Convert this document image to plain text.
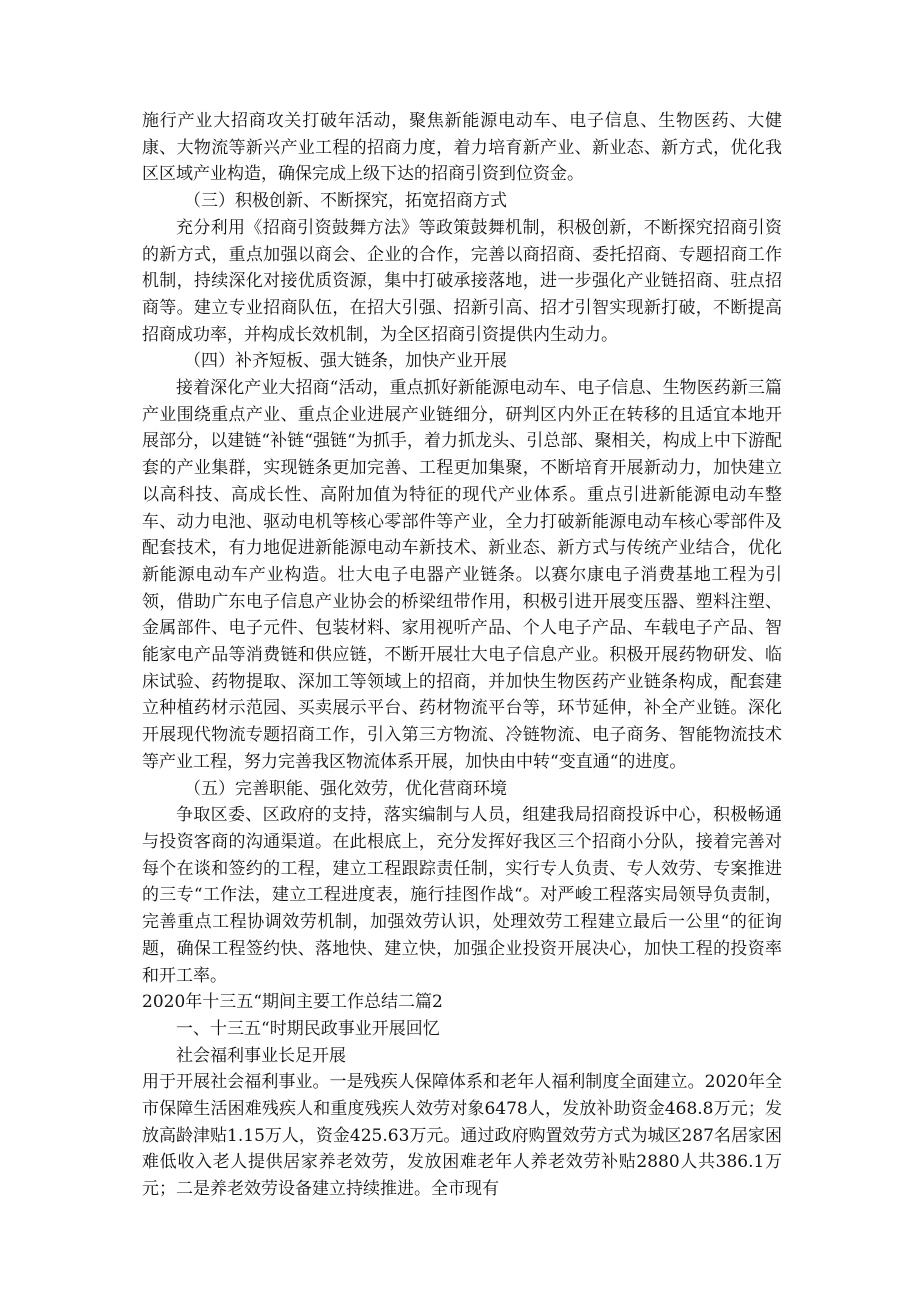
施行产业大招商攻关打破年活动，聚焦新能源电动车、电子信息、生物医药、大健康、大物流等新兴产业工程的招商力度，着力培育新产业、新业态、新方式，优化我区区域产业构造，确保完成上级下达的招商引资到位资金。

（三）积极创新、不断探究，拓宽招商方式

充分利用《招商引资鼓舞方法》等政策鼓舞机制，积极创新，不断探究招商引资的新方式，重点加强以商会、企业的合作，完善以商招商、委托招商、专题招商工作机制，持续深化对接优质资源，集中打破承接落地，进一步强化产业链招商、驻点招商等。建立专业招商队伍，在招大引强、招新引高、招才引智实现新打破，不断提高招商成功率，并构成长效机制，为全区招商引资提供内生动力。

（四）补齐短板、强大链条，加快产业开展

接着深化产业大招商“活动，重点抓好新能源电动车、电子信息、生物医药新三篇产业围绕重点产业、重点企业进展产业链细分，研判区内外正在转移的且适宜本地开展部分，以建链“补链“强链“为抓手，着力抓龙头、引总部、聚相关，构成上中下游配套的产业集群，实现链条更加完善、工程更加集聚，不断培育开展新动力，加快建立以高科技、高成长性、高附加值为特征的现代产业体系。重点引进新能源电动车整车、动力电池、驱动电机等核心零部件等产业，全力打破新能源电动车核心零部件及配套技术，有力地促进新能源电动车新技术、新业态、新方式与传统产业结合，优化新能源电动车产业构造。壮大电子电器产业链条。以赛尔康电子消费基地工程为引领，借助广东电子信息产业协会的桥梁纽带作用，积极引进开展变压器、塑料注塑、金属部件、电子元件、包装材料、家用视听产品、个人电子产品、车载电子产品、智能家电产品等消费链和供应链，不断开展壮大电子信息产业。积极开展药物研发、临床试验、药物提取、深加工等领域上的招商，并加快生物医药产业链条构成，配套建立种植药材示范园、买卖展示平台、药材物流平台等，环节延伸，补全产业链。深化开展现代物流专题招商工作，引入第三方物流、冷链物流、电子商务、智能物流技术等产业工程，努力完善我区物流体系开展，加快由中转“变直通“的进度。

（五）完善职能、强化效劳，优化营商环境

争取区委、区政府的支持，落实编制与人员，组建我局招商投诉中心，积极畅通与投资客商的沟通渠道。在此根底上，充分发挥好我区三个招商小分队，接着完善对每个在谈和签约的工程，建立工程跟踪责任制，实行专人负责、专人效劳、专案推进的三专“工作法，建立工程进度表，施行挂图作战“。对严峻工程落实局领导负责制，完善重点工程协调效劳机制，加强效劳认识，处理效劳工程建立最后一公里“的征询题，确保工程签约快、落地快、建立快，加强企业投资开展决心，加快工程的投资率和开工率。

2020年十三五“期间主要工作总结二篇2

一、十三五“时期民政事业开展回忆

社会福利事业长足开展

用于开展社会福利事业。一是残疾人保障体系和老年人福利制度全面建立。2020年全市保障生活困难残疾人和重度残疾人效劳对象6478人，发放补助资金468.8万元；发放高龄津贴1.15万人，资金425.63万元。通过政府购置效劳方式为城区287名居家困难低收入老人提供居家养老效劳，发放困难老年人养老效劳补贴2880人共386.1万元；二是养老效劳设备建立持续推进。全市现有
